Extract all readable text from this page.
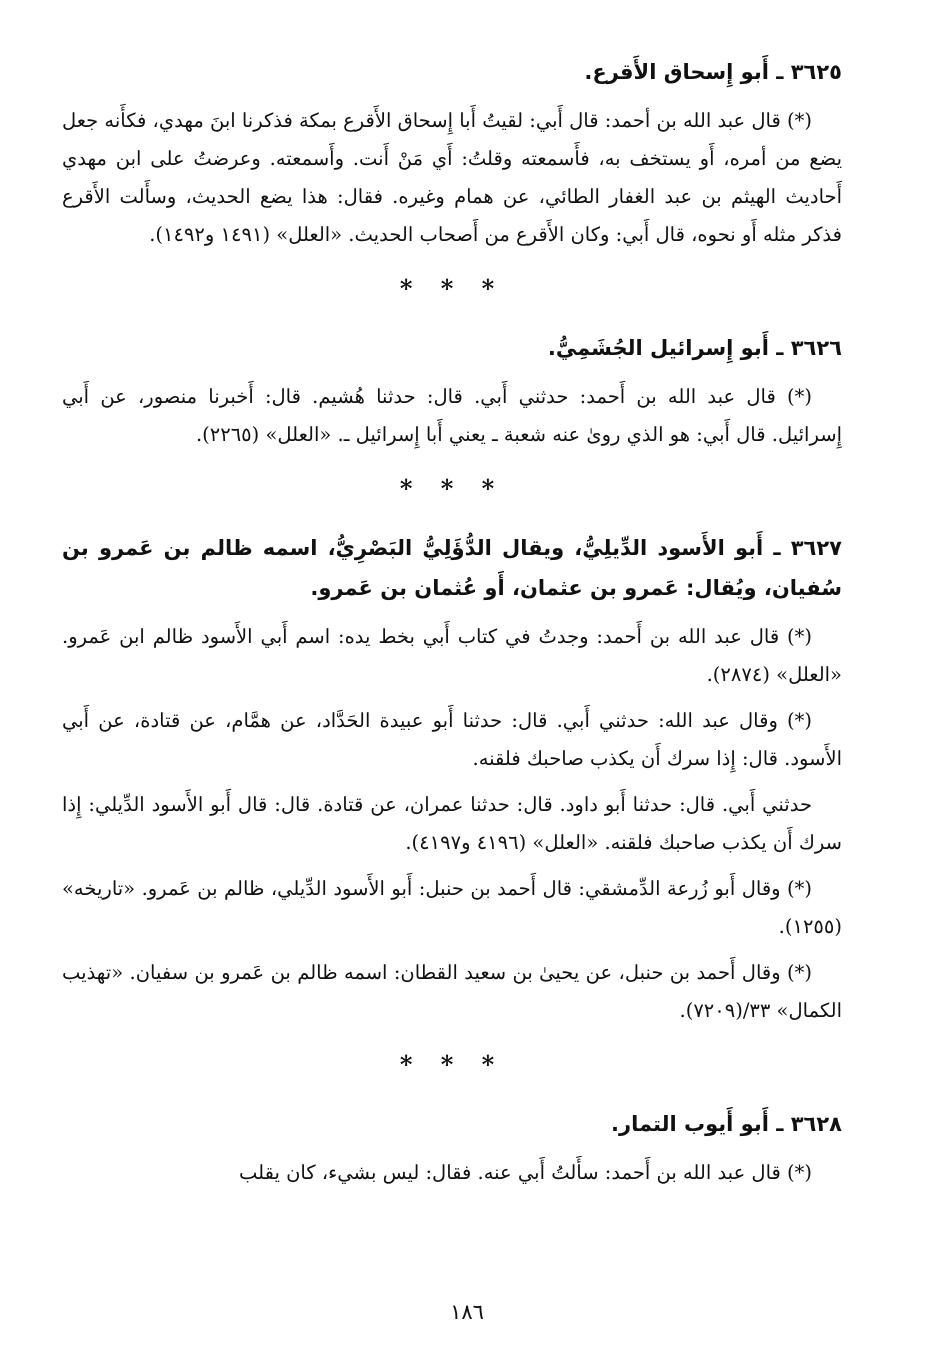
٣٦٢٥ ـ أَبو إِسحاق الأَقرع.

(*) قال عبد الله بن أحمد: قال أَبي: لقيتُ أَبا إِسحاق الأَقرع بمكة فذكرنا ابنَ مهدي، فكأَنه جعل يضع من أمره، أَو يستخف به، فأَسمعته وقلتُ: أَي مَنْ أَنت. وأَسمعته. وعرضتُ على ابن مهدي أَحاديث الهيثم بن عبد الغفار الطائي، عن همام وغيره. فقال: هذا يضع الحديث، وسأَلت الأَقرع فذكر مثله أَو نحوه، قال أَبي: وكان الأَقرع من أَصحاب الحديث. «العلل» (١٤٩١ و١٤٩٢).

* * *
٣٦٢٦ ـ أَبو إِسرائيل الجُشَمِيُّ.

(*) قال عبد الله بن أَحمد: حدثني أَبي. قال: حدثنا هُشيم. قال: أَخبرنا منصور، عن أَبي إِسرائيل. قال أَبي: هو الذي روىٰ عنه شعبة ـ يعني أَبا إِسرائيل ـ. «العلل» (٢٢٦٥).

* * *
٣٦٢٧ ـ أَبو الأَسود الدِّيلِيُّ، ويقال الدُّؤَلِيُّ البَصْرِيُّ، اسمه ظالم بن عَمرو بن سُفيان، ويُقال: عَمرو بن عثمان، أَو عُثمان بن عَمرو.

(*) قال عبد الله بن أَحمد: وجدتُ في كتاب أَبي بخط يده: اسم أَبي الأَسود ظالم ابن عَمرو. «العلل» (٢٨٧٤).

(*) وقال عبد الله: حدثني أَبي. قال: حدثنا أَبو عبيدة الحَدَّاد، عن همَّام، عن قتادة، عن أَبي الأَسود. قال: إِذا سرك أَن يكذب صاحبك فلقنه.

حدثني أَبي. قال: حدثنا أَبو داود. قال: حدثنا عمران، عن قتادة. قال: قال أَبو الأَسود الدِّيلي: إِذا سرك أَن يكذب صاحبك فلقنه. «العلل» (٤١٩٦ و٤١٩٧).

(*) وقال أَبو زُرعة الدِّمشقي: قال أَحمد بن حنبل: أَبو الأَسود الدِّيلي، ظالم بن عَمرو. «تاريخه» (١٢٥٥).

(*) وقال أَحمد بن حنبل، عن يحيىٰ بن سعيد القطان: اسمه ظالم بن عَمرو بن سفيان. «تهذيب الكمال» ٣٣/(٧٢٠٩).

* * *
٣٦٢٨ ـ أَبو أَيوب التمار.

(*) قال عبد الله بن أَحمد: سأَلتُ أَبي عنه. فقال: ليس بشيء، كان يقلب

١٨٦
